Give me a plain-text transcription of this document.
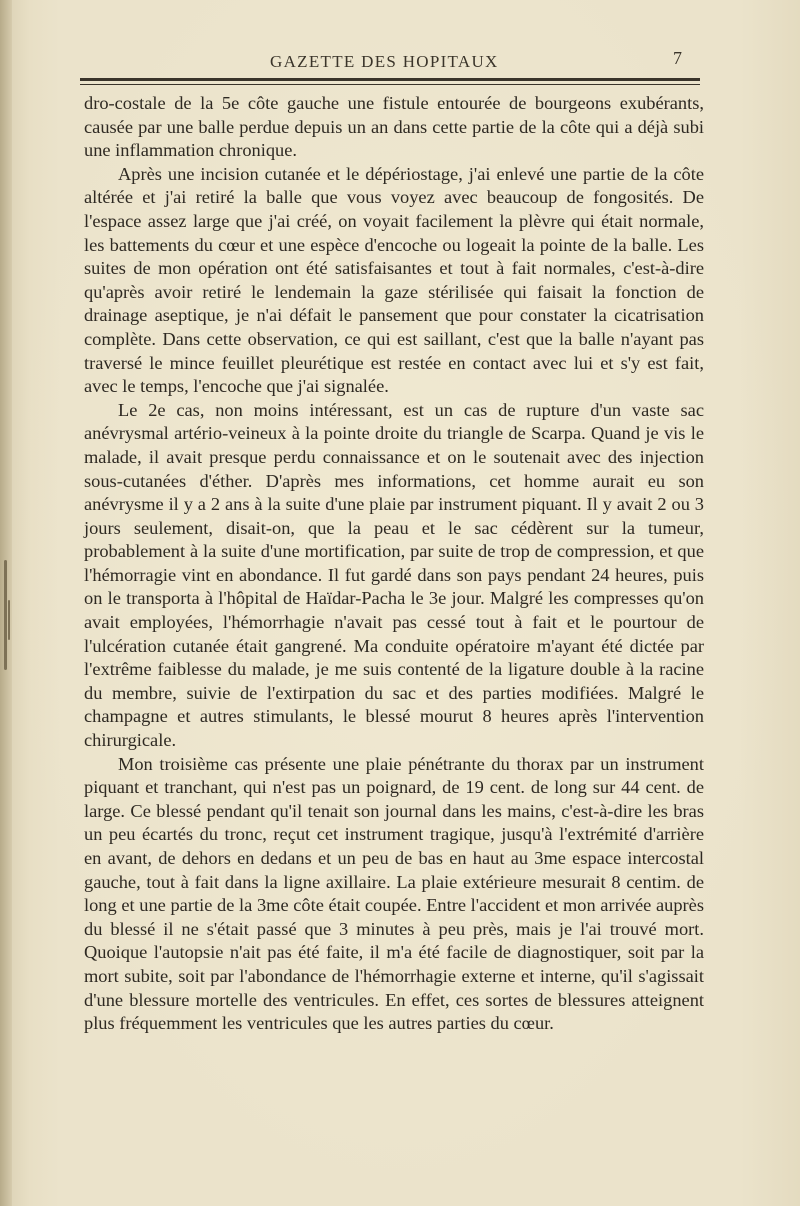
GAZETTE DES HOPITAUX	7

dro-costale de la 5e côte gauche une fistule entourée de bourgeons exubérants, causée par une balle perdue depuis un an dans cette partie de la côte qui a déjà subi une inflammation chronique.

Après une incision cutanée et le dépériostage, j'ai enlevé une partie de la côte altérée et j'ai retiré la balle que vous voyez avec beaucoup de fongosités. De l'espace assez large que j'ai créé, on voyait facilement la plèvre qui était normale, les battements du cœur et une espèce d'encoche ou logeait la pointe de la balle. Les suites de mon opération ont été satisfaisantes et tout à fait normales, c'est-à-dire qu'après avoir retiré le lendemain la gaze stérilisée qui faisait la fonction de drainage aseptique, je n'ai défait le pansement que pour constater la cicatrisation complète. Dans cette observation, ce qui est saillant, c'est que la balle n'ayant pas traversé le mince feuillet pleurétique est restée en contact avec lui et s'y est fait, avec le temps, l'encoche que j'ai signalée.

Le 2e cas, non moins intéressant, est un cas de rupture d'un vaste sac anévrysmal artério-veineux à la pointe droite du triangle de Scarpa. Quand je vis le malade, il avait presque perdu connaissance et on le soutenait avec des injection sous-cutanées d'éther. D'après mes informations, cet homme aurait eu son anévrysme il y a 2 ans à la suite d'une plaie par instrument piquant. Il y avait 2 ou 3 jours seulement, disait-on, que la peau et le sac cédèrent sur la tumeur, probablement à la suite d'une mortification, par suite de trop de compression, et que l'hémorragie vint en abondance. Il fut gardé dans son pays pendant 24 heures, puis on le transporta à l'hôpital de Haïdar-Pacha le 3e jour. Malgré les compresses qu'on avait employées, l'hémorrhagie n'avait pas cessé tout à fait et le pourtour de l'ulcération cutanée était gangrené. Ma conduite opératoire m'ayant été dictée par l'extrême faiblesse du malade, je me suis contenté de la ligature double à la racine du membre, suivie de l'extirpation du sac et des parties modifiées. Malgré le champagne et autres stimulants, le blessé mourut 8 heures après l'intervention chirurgicale.

Mon troisième cas présente une plaie pénétrante du thorax par un instrument piquant et tranchant, qui n'est pas un poignard, de 19 cent. de long sur 44 cent. de large. Ce blessé pendant qu'il tenait son journal dans les mains, c'est-à-dire les bras un peu écartés du tronc, reçut cet instrument tragique, jusqu'à l'extrémité d'arrière en avant, de dehors en dedans et un peu de bas en haut au 3me espace intercostal gauche, tout à fait dans la ligne axillaire. La plaie extérieure mesurait 8 centim. de long et une partie de la 3me côte était coupée. Entre l'accident et mon arrivée auprès du blessé il ne s'était passé que 3 minutes à peu près, mais je l'ai trouvé mort. Quoique l'autopsie n'ait pas été faite, il m'a été facile de diagnostiquer, soit par la mort subite, soit par l'abondance de l'hémorrhagie externe et interne, qu'il s'agissait d'une blessure mortelle des ventricules. En effet, ces sortes de blessures atteignent plus fréquemment les ventricules que les autres parties du cœur.
